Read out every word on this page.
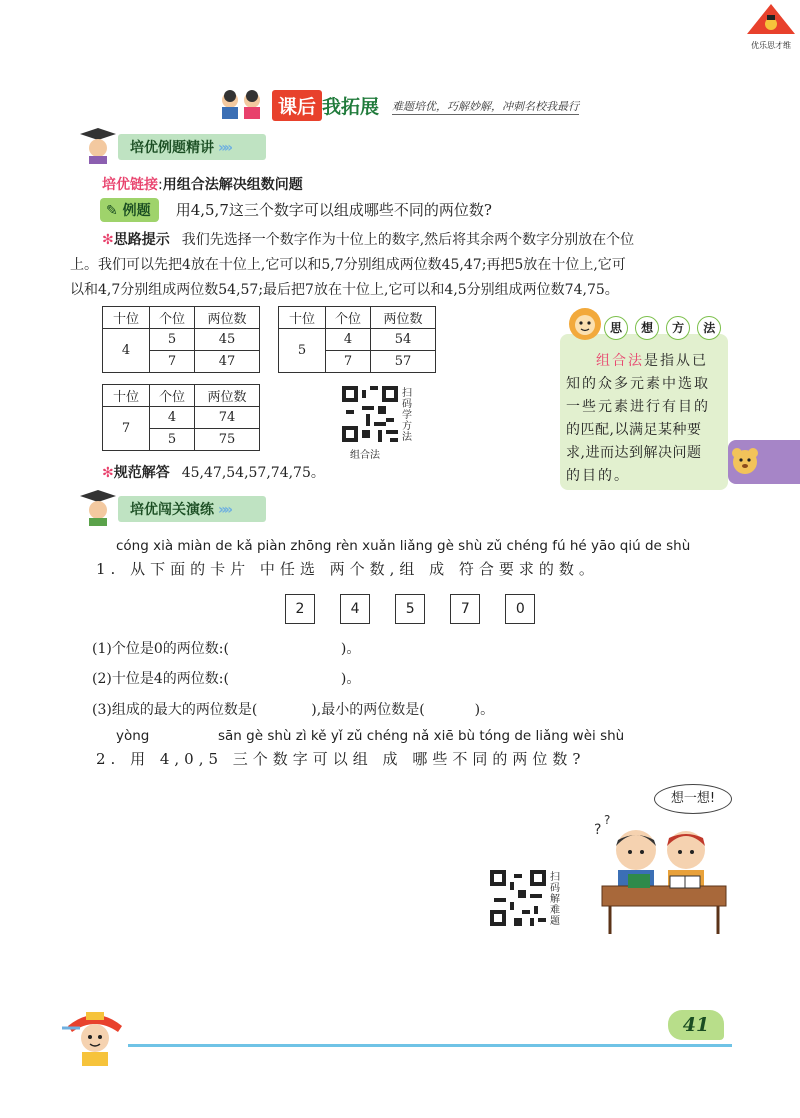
优乐思才维
课后 我拓展 难题培优，巧解妙解，冲刺名校我最行
培优例题精讲 »»
培优链接:用组合法解决组数问题
✎ 例题 用4,5,7这三个数字可以组成哪些不同的两位数?
✻思路提示 我们先选择一个数字作为十位上的数字,然后将其余两个数字分别放在个位
上。我们可以先把4放在十位上,它可以和5,7分别组成两位数45,47;再把5放在十位上,它可
以和4,7分别组成两位数54,57;最后把7放在十位上,它可以和4,5分别组成两位数74,75。
十位	个位	两位数
4	5	45
	7	47
十位	个位	两位数
5	4	54
	7	57
十位	个位	两位数
7	4	74
	5	75
扫码学方法
组合法
思 想 方 法
组合法是指从已
知的众多元素中选取
一些元素进行有目的
的匹配,以满足某种要
求,进而达到解决问题
的目的。
✻规范解答 45,47,54,57,74,75。
培优闯关演练 »»
cóng xià miàn de kǎ piàn zhōng rèn xuǎn liǎng gè shù zǔ chéng fú hé yāo qiú de shù
1. 从下面的卡片 中任选 两个数,组 成 符合要求的数。
2	4	5	7	0
(1)个位是0的两位数:(	)。
(2)十位是4的两位数:(	)。
(3)组成的最大的两位数是(	),最小的两位数是(	)。
yòng	sān gè shù zì kě yǐ zǔ chéng nǎ xiē bù tóng de liǎng wèi shù
2. 用 4,0,5 三个数字可以组 成 哪些不同的两位数?
想一想!
?
?
扫码解难题
41
